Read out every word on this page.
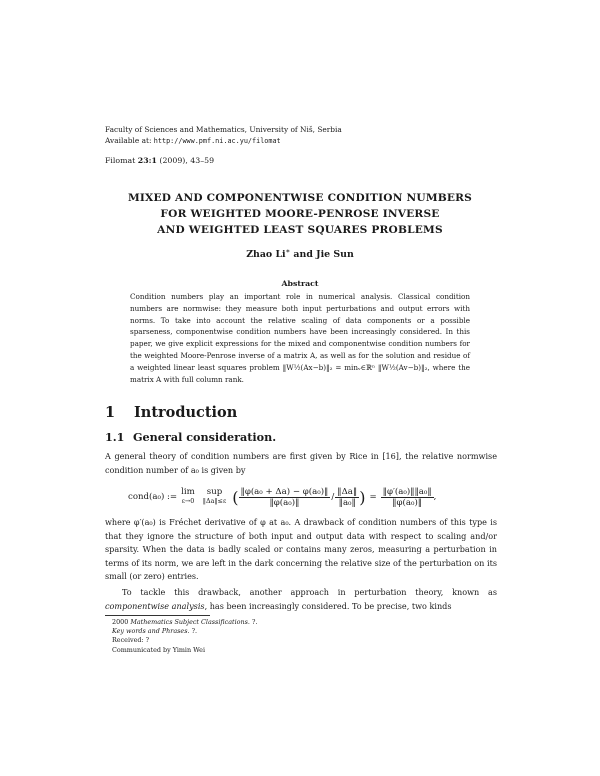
Faculty of Sciences and Mathematics, University of Niš, Serbia
Available at: http://www.pmf.ni.ac.yu/filomat
Filomat 23:1 (2009), 43–59
MIXED AND COMPONENTWISE CONDITION NUMBERS
FOR WEIGHTED MOORE-PENROSE INVERSE
AND WEIGHTED LEAST SQUARES PROBLEMS
Zhao Li∗ and Jie Sun
Abstract
Condition numbers play an important role in numerical analysis. Classical condition numbers are normwise: they measure both input perturbations and output errors with norms. To take into account the relative scaling of data components or a possible sparseness, componentwise condition numbers have been increasingly considered. In this paper, we give explicit expressions for the mixed and componentwise condition numbers for the weighted Moore-Penrose inverse of a matrix A, as well as for the solution and residue of a weighted linear least squares problem ‖W½(Ax−b)‖₂ = minᵥ∈ℝⁿ ‖W½(Av−b)‖₂, where the matrix A with full column rank.
1 Introduction
1.1 General consideration.
A general theory of condition numbers are first given by Rice in [16], the relative normwise condition number of a₀ is given by
cond(a₀) := lim
ε→0
sup
‖Δa‖≤ε ( $\frac{\text{‖φ(a₀ + Δa) − φ(a₀)‖}}{\text{‖φ(a₀)‖}} / \frac{‖\Delta a‖}{\text{‖a₀‖}}$ ) = $\frac{\text{‖φ′(a₀)‖‖a₀‖}}{\text{‖φ(a₀)‖}}$ ,
where φ′(a₀) is Fréchet derivative of φ at a₀. A drawback of condition numbers of this type is that they ignore the structure of both input and output data with respect to scaling and/or sparsity. When the data is badly scaled or contains many zeros, measuring a perturbation in terms of its norm, we are left in the dark concerning the relative size of the perturbation on its small (or zero) entries.
To tackle this drawback, another approach in perturbation theory, known as componentwise analysis, has been increasingly considered. To be precise, two kinds
2000 Mathematics Subject Classifications. ?.
Key words and Phrases. ?.
Received: ?
Communicated by Yimin Wei
